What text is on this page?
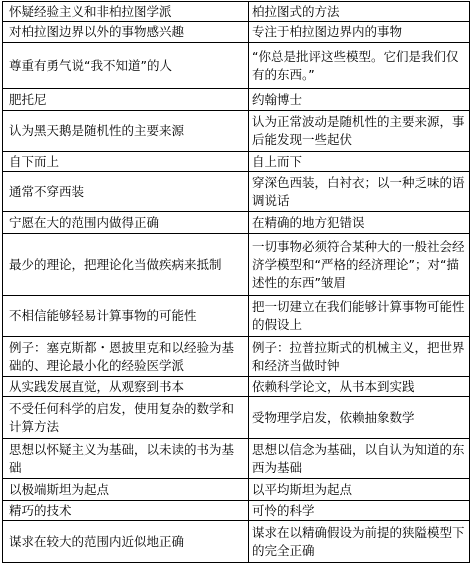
怀疑经验主义和非柏拉图学派	柏拉图式的方法
对柏拉图边界以外的事物感兴趣	专注于柏拉图边界内的事物
尊重有勇气说“我不知道”的人	“你总是批评这些模型。它们是我们仅有的东西。”
肥托尼	约翰博士
认为黑天鹅是随机性的主要来源	认为正常波动是随机性的主要来源，事后能发现一些起伏
自下而上	自上而下
通常不穿西装	穿深色西装，白衬衣；以一种乏味的语调说话
宁愿在大的范围内做得正确	在精确的地方犯错误
最少的理论，把理论化当做疾病来抵制	一切事物必须符合某种大的一般社会经济学模型和“严格的经济理论”；对“描述性的东西”皱眉
不相信能够轻易计算事物的可能性	把一切建立在我们能够计算事物可能性的假设上
例子：塞克斯都・恩披里克和以经验为基础的、理论最小化的经验医学派	例子：拉普拉斯式的机械主义，把世界和经济当做时钟
从实践发展直觉，从观察到书本	依赖科学论文，从书本到实践
不受任何科学的启发，使用复杂的数学和计算方法	受物理学启发，依赖抽象数学
思想以怀疑主义为基础，以未读的书为基础	思想以信念为基础，以自认为知道的东西为基础
以极端斯坦为起点	以平均斯坦为起点
精巧的技术	可怜的科学
谋求在较大的范围内近似地正确	谋求在以精确假设为前提的狭隘模型下的完全正确
